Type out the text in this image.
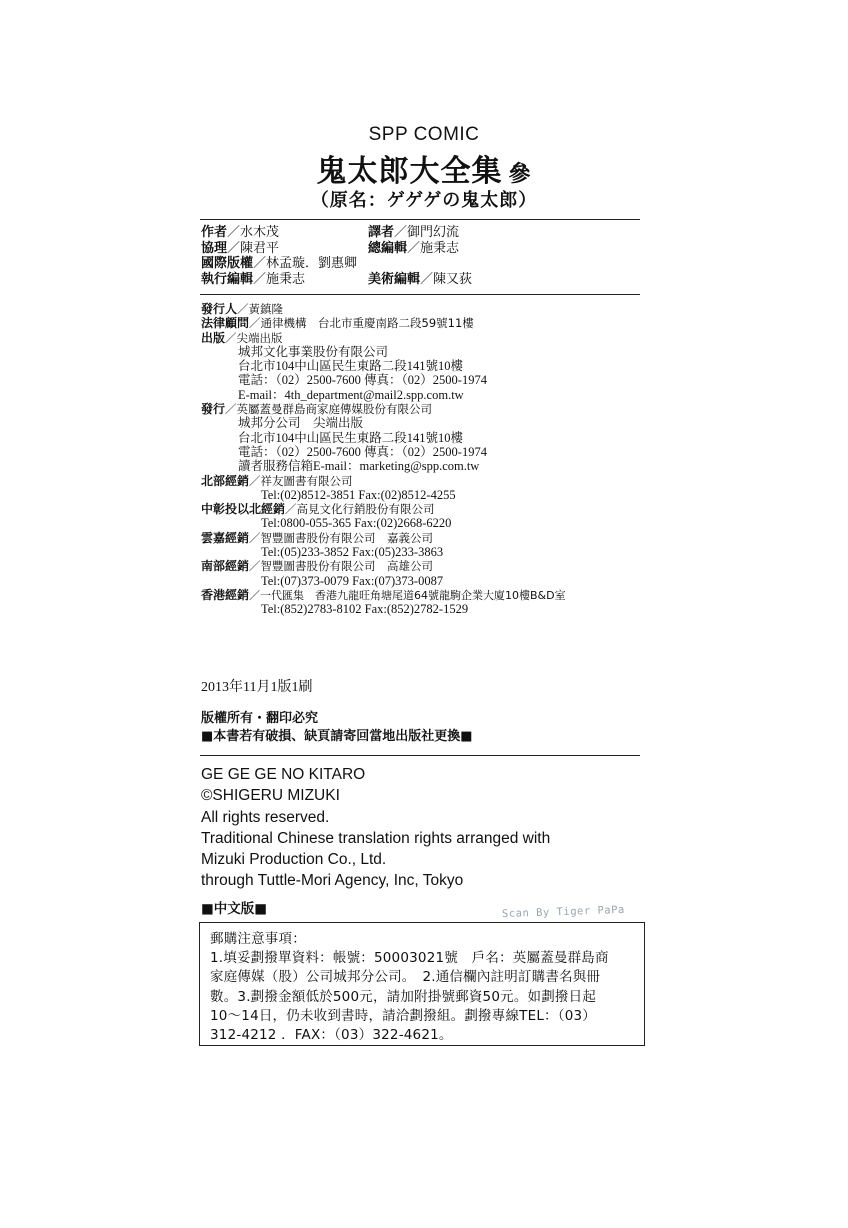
SPP COMIC
鬼太郎大全集 參
（原名：ゲゲゲの鬼太郎）
作者／水木茂	譯者／御門幻流
協理／陳君平	總編輯／施秉志
國際版權／林孟璇．劉惠卿
執行編輯／施秉志	美術編輯／陳又荻
發行人／黃鎮隆
法律顧問／通律機構　台北市重慶南路二段59號11樓
出版／尖端出版
城邦文化事業股份有限公司
台北市104中山區民生東路二段141號10樓
電話：（02）2500-7600 傳真：（02）2500-1974
E-mail：4th_department@mail2.spp.com.tw
發行／英屬蓋曼群島商家庭傳媒股份有限公司
城邦分公司　尖端出版
台北市104中山區民生東路二段141號10樓
電話：（02）2500-7600 傳真：（02）2500-1974
讀者服務信箱E-mail：marketing@spp.com.tw
北部經銷／祥友圖書有限公司
Tel:(02)8512-3851 Fax:(02)8512-4255
中彰投以北經銷／高見文化行銷股份有限公司
Tel:0800-055-365 Fax:(02)2668-6220
雲嘉經銷／智豐圖書股份有限公司　嘉義公司
Tel:(05)233-3852 Fax:(05)233-3863
南部經銷／智豐圖書股份有限公司　高雄公司
Tel:(07)373-0079 Fax:(07)373-0087
香港經銷／一代匯集　香港九龍旺角塘尾道64號龍駒企業大廈10樓B&D室
Tel:(852)2783-8102 Fax:(852)2782-1529
2013年11月1版1刷
版權所有・翻印必究
■本書若有破損、缺頁請寄回當地出版社更換■
GE GE GE NO KITARO
©SHIGERU MIZUKI
All rights reserved.
Traditional Chinese translation rights arranged with
Mizuki Production Co., Ltd.
through Tuttle-Mori Agency, Inc, Tokyo
■中文版■	Scan By Tiger PaPa
郵購注意事項：
1.填妥劃撥單資料：帳號：50003021號　戶名：英屬蓋曼群島商
家庭傳媒（股）公司城邦分公司。　2.通信欄內註明訂購書名與冊
數。3.劃撥金額低於500元，請加附掛號郵資50元。如劃撥日起
10～14日，仍未收到書時，請洽劃撥組。劃撥專線TEL：（03）
312-4212 ．FAX：（03）322-4621。
